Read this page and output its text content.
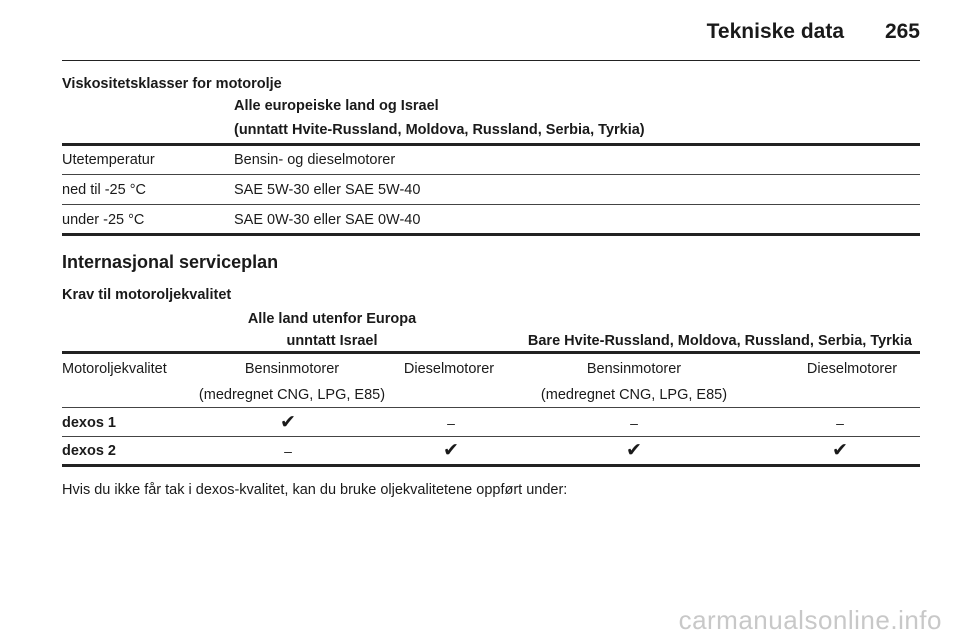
Tekniske data 265
Viskositetsklasser for motorolje
Alle europeiske land og Israel
(unntatt Hvite-Russland, Moldova, Russland, Serbia, Tyrkia)
Utetemperatur	Bensin- og dieselmotorer
ned til -25 °C	SAE 5W-30 eller SAE 5W-40
under -25 °C	SAE 0W-30 eller SAE 0W-40
Internasjonal serviceplan
Krav til motoroljekvalitet
Alle land utenfor Europa
unntatt Israel	Bare Hvite-Russland, Moldova, Russland, Serbia, Tyrkia
Motoroljekvalitet	Bensinmotorer	Dieselmotorer	Bensinmotorer	Dieselmotorer
(medregnet CNG, LPG, E85)	(medregnet CNG, LPG, E85)
dexos 1	✔	–	–	–
dexos 2	–	✔	✔	✔
Hvis du ikke får tak i dexos-kvalitet, kan du bruke oljekvalitetene oppført under:
carmanualsonline.info
